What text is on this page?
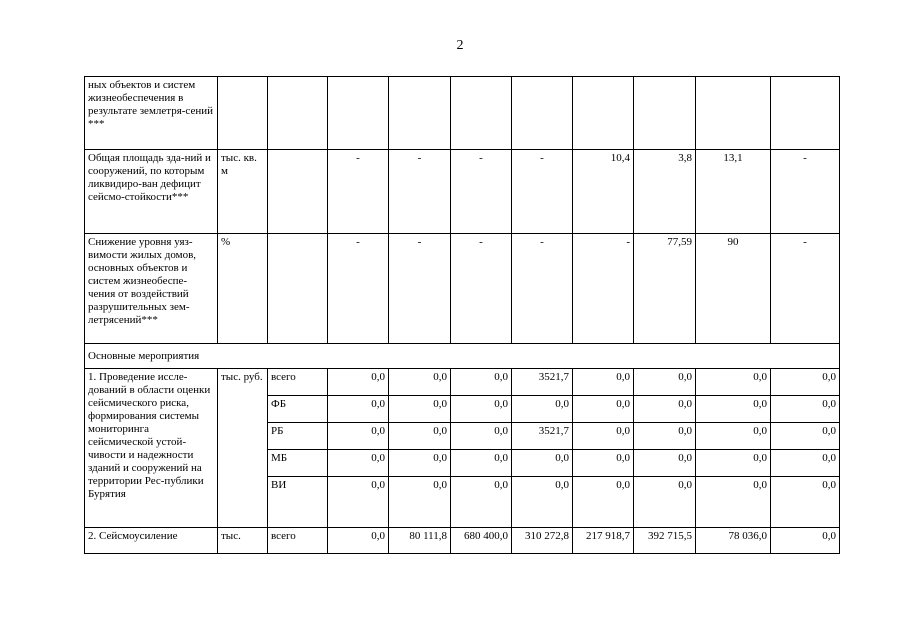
2
ных объектов и систем жизнеобеспечения в результате землетря-сений ***										
Общая площадь зда-ний и сооружений, по которым ликвидиро-ван дефицит сейсмо-стойкости***	тыс. кв. м		-	-	-	-	10,4	3,8	13,1	-
Снижение уровня уяз-вимости жилых домов, основных объектов и систем жизнеобеспе-чения от воздействий разрушительных зем-летрясений***	%		-	-	-	-	-	77,59	90	-
Основные мероприятия										
1. Проведение иссле-дований в области оценки сейсмического риска, формирования системы мониторинга сейсмической устой-чивости и надежности зданий и сооружений на территории Рес-публики Бурятия	тыс. руб.	всего	0,0	0,0	0,0	3521,7	0,0	0,0	0,0	0,0
		ФБ	0,0	0,0	0,0	0,0	0,0	0,0	0,0	0,0
		РБ	0,0	0,0	0,0	3521,7	0,0	0,0	0,0	0,0
		МБ	0,0	0,0	0,0	0,0	0,0	0,0	0,0	0,0
		ВИ	0,0	0,0	0,0	0,0	0,0	0,0	0,0	0,0
2. Сейсмоусиление	тыс.	всего	0,0	80 111,8	680 400,0	310 272,8	217 918,7	392 715,5	78 036,0	0,0
